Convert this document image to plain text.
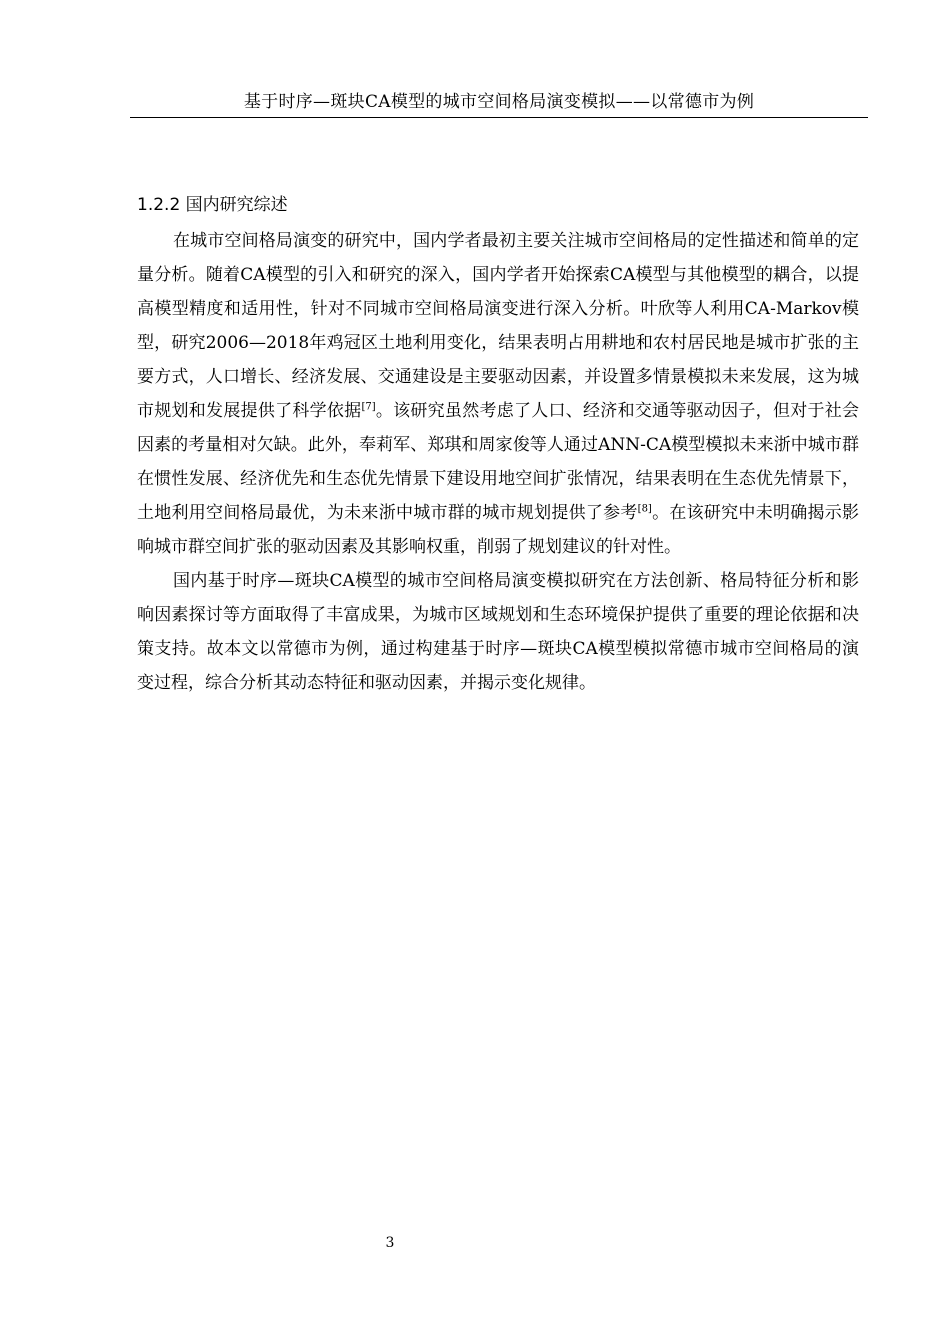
基于时序—斑块CA模型的城市空间格局演变模拟——以常德市为例
1.2.2 国内研究综述

在城市空间格局演变的研究中，国内学者最初主要关注城市空间格局的定性描述和简单的定量分析。随着CA模型的引入和研究的深入，国内学者开始探索CA模型与其他模型的耦合，以提高模型精度和适用性，针对不同城市空间格局演变进行深入分析。叶欣等人利用CA-Markov模型，研究2006—2018年鸡冠区土地利用变化，结果表明占用耕地和农村居民地是城市扩张的主要方式，人口增长、经济发展、交通建设是主要驱动因素，并设置多情景模拟未来发展，这为城市规划和发展提供了科学依据[7]。该研究虽然考虑了人口、经济和交通等驱动因子，但对于社会因素的考量相对欠缺。此外，奉莉军、郑琪和周家俊等人通过ANN-CA模型模拟未来浙中城市群在惯性发展、经济优先和生态优先情景下建设用地空间扩张情况，结果表明在生态优先情景下，土地利用空间格局最优，为未来浙中城市群的城市规划提供了参考[8]。在该研究中未明确揭示影响城市群空间扩张的驱动因素及其影响权重，削弱了规划建议的针对性。

国内基于时序—斑块CA模型的城市空间格局演变模拟研究在方法创新、格局特征分析和影响因素探讨等方面取得了丰富成果，为城市区域规划和生态环境保护提供了重要的理论依据和决策支持。故本文以常德市为例，通过构建基于时序—斑块CA模型模拟常德市城市空间格局的演变过程，综合分析其动态特征和驱动因素，并揭示变化规律。

3
